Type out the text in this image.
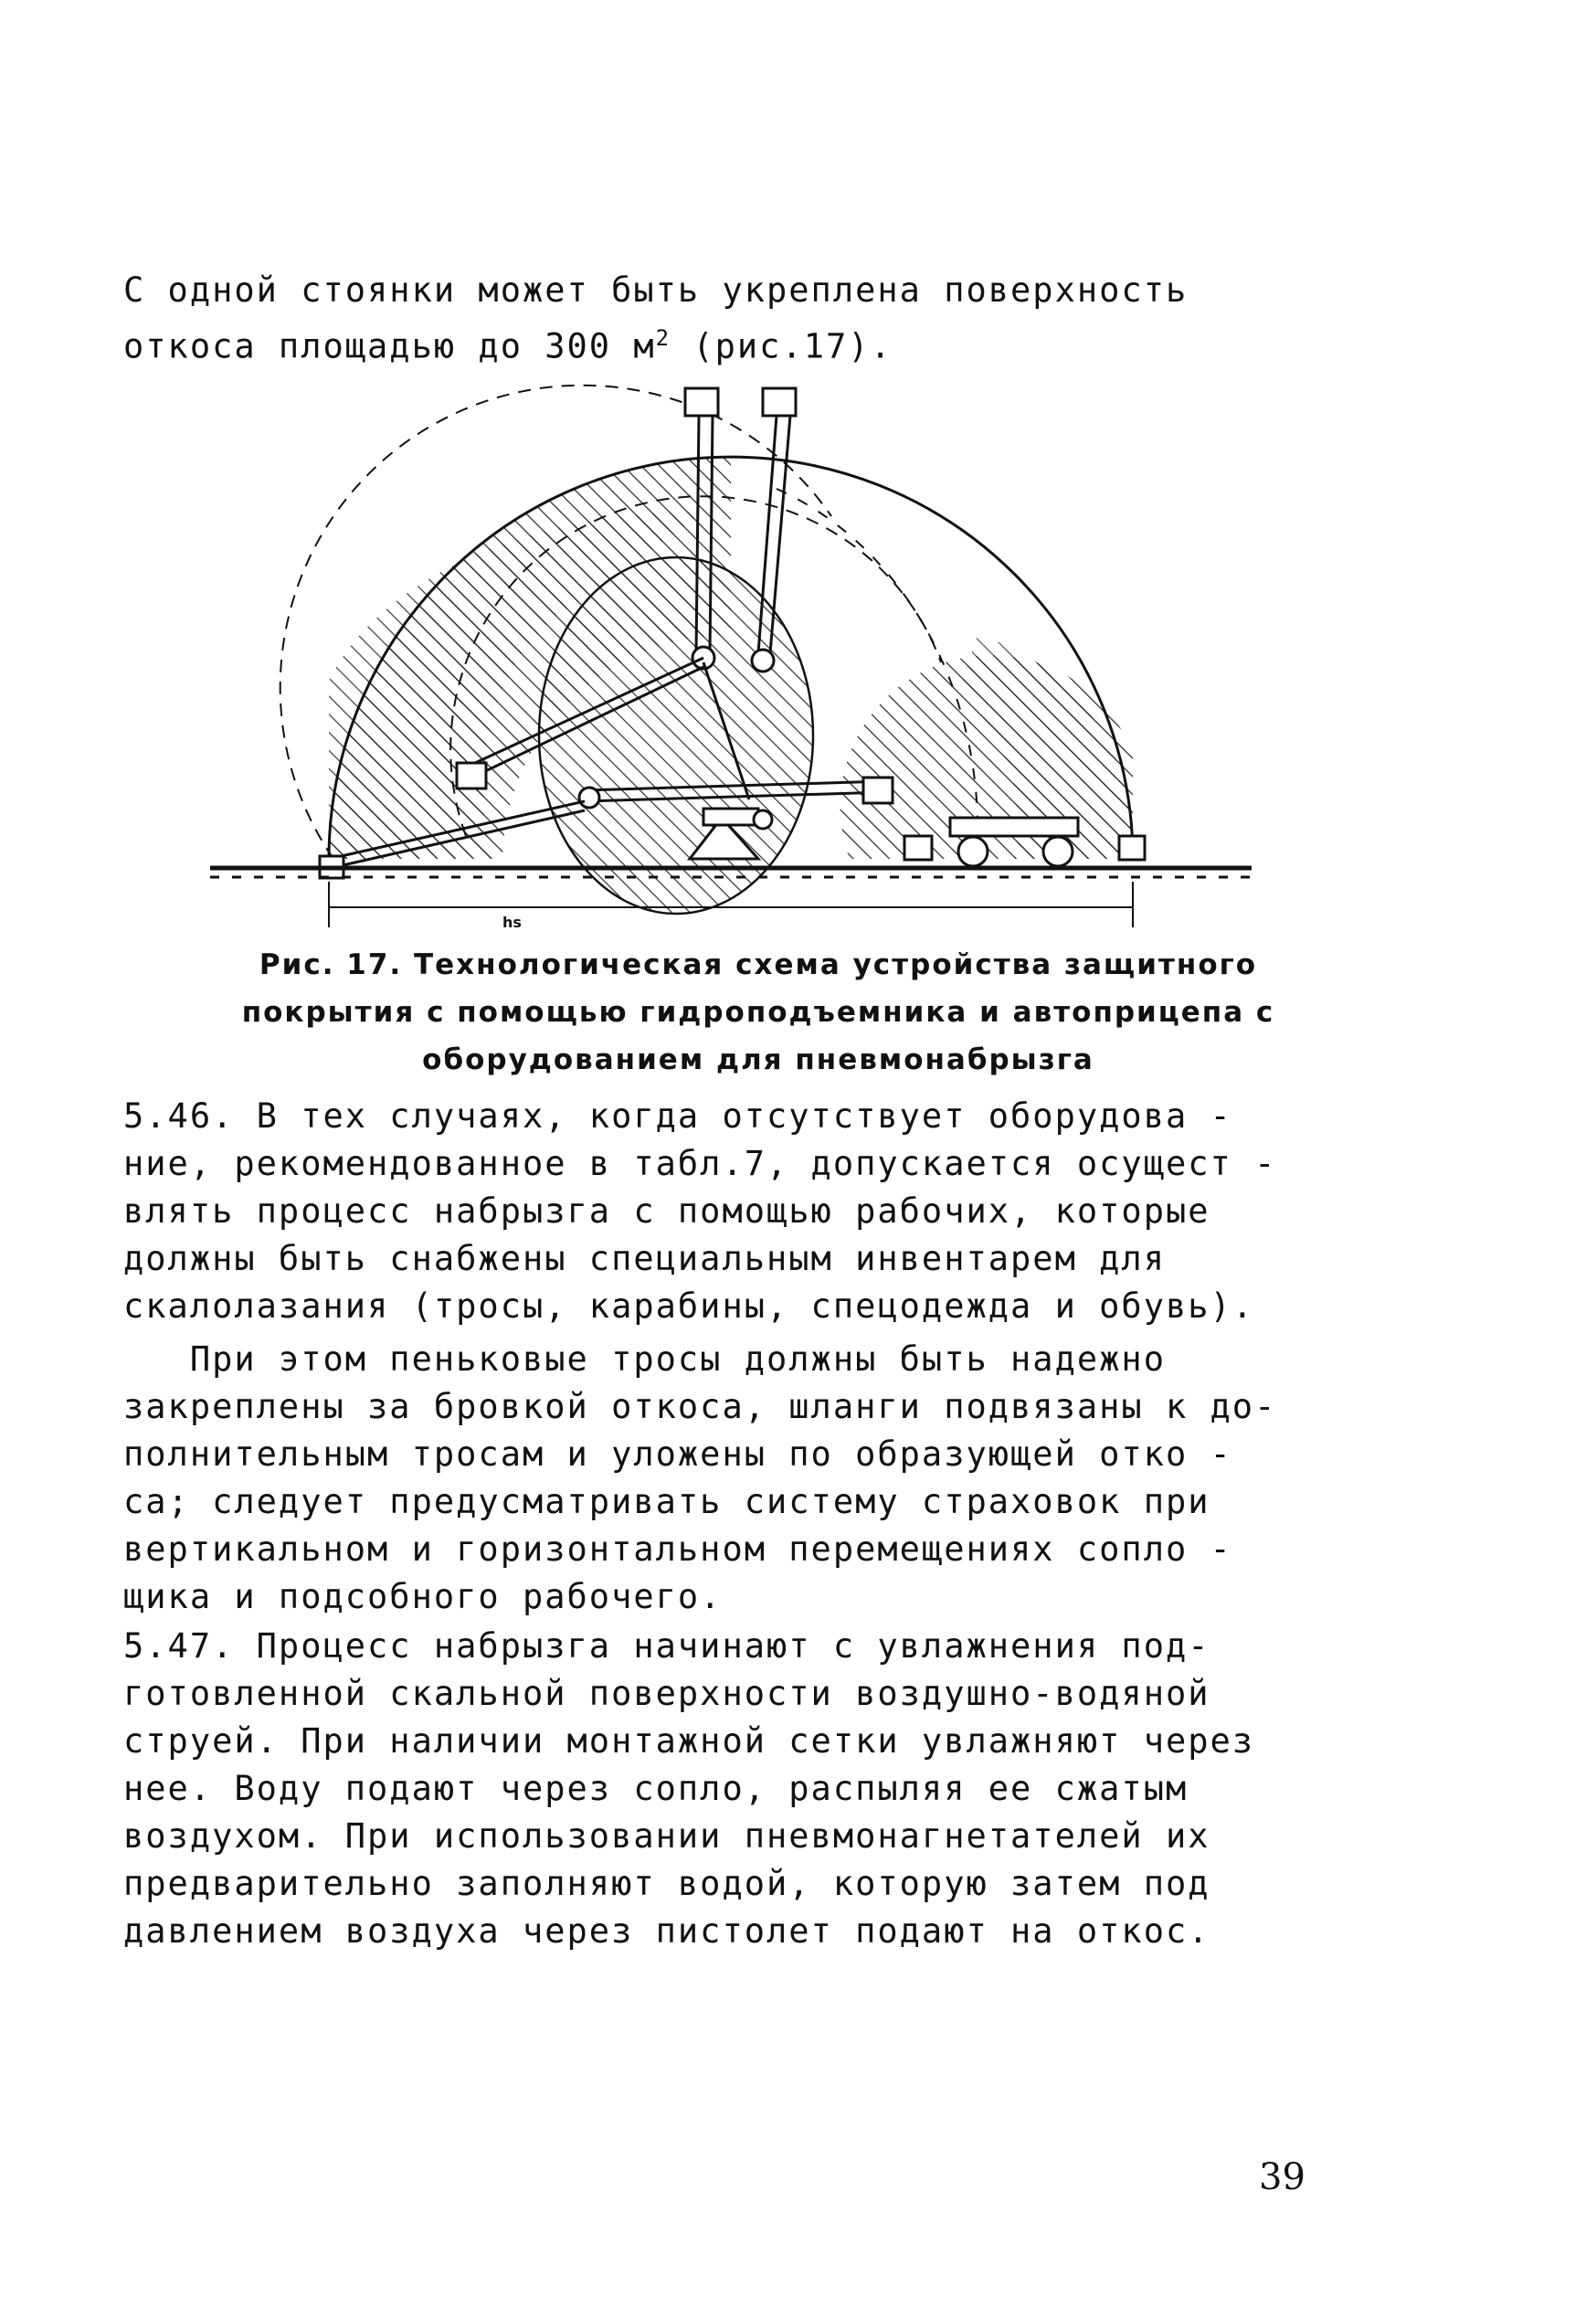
С одной стоянки может быть укреплена поверхность
откоса площадью до 300 $м^2$ (рис.17).
hs
Рис. 17. Технологическая схема устройства защитного
покрытия с помощью гидроподъемника и автоприцепа с
оборудованием для пневмонабрызга

5.46. В тех случаях, когда отсутствует оборудова -

ние, рекомендованное в табл.7, допускается осущест -

влять процесс набрызга с помощью рабочих, которые

должны быть снабжены специальным инвентарем для

скалолазания (тросы, карабины, спецодежда и обувь).

При этом пеньковые тросы должны быть надежно

закреплены за бровкой откоса, шланги подвязаны к до-

полнительным тросам и уложены по образующей отко -

са; следует предусматривать систему страховок при

вертикальном и горизонтальном перемещениях сопло -

щика и подсобного рабочего.

5.47. Процесс набрызга начинают с увлажнения под-

готовленной скальной поверхности воздушно-водяной

струей. При наличии монтажной сетки увлажняют через

нее. Воду подают через сопло, распыляя ее сжатым

воздухом. При использовании пневмонагнетателей их

предварительно заполняют водой, которую затем под

давлением воздуха через пистолет подают на откос.

39
